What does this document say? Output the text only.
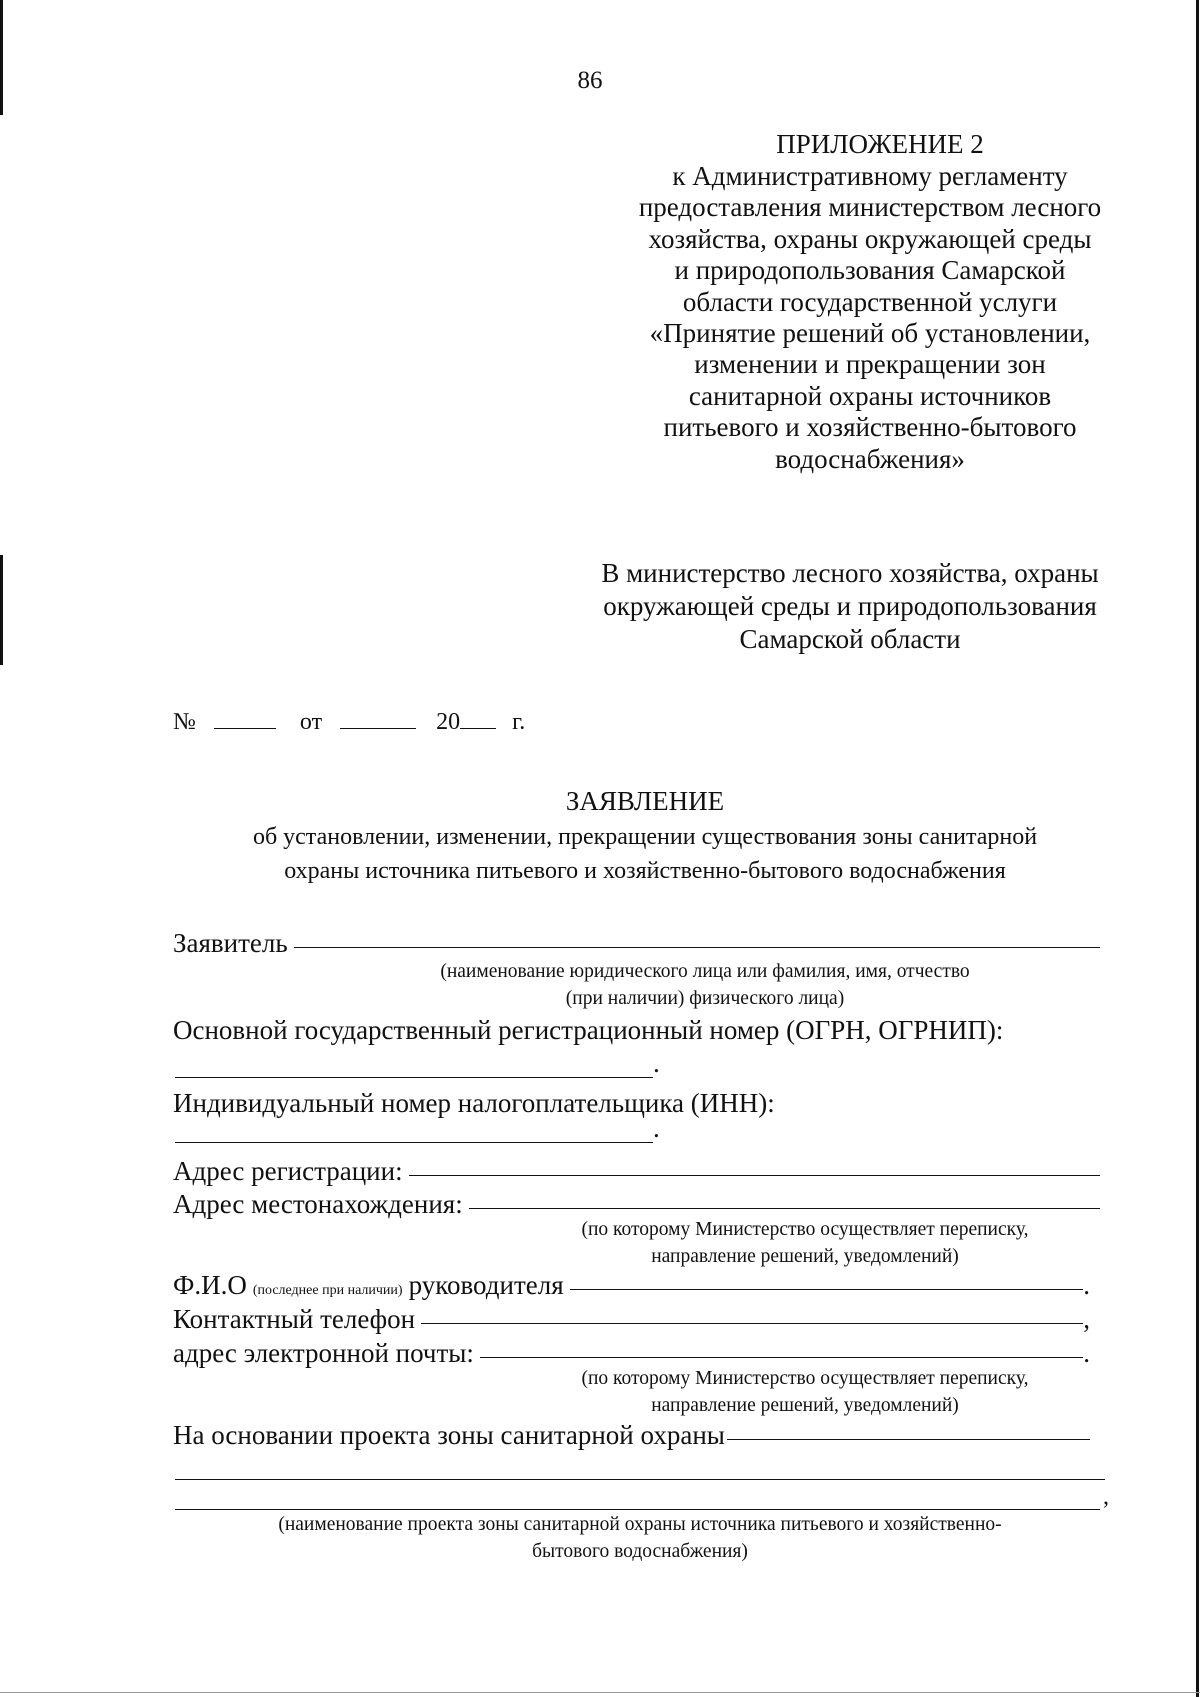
86
ПРИЛОЖЕНИЕ 2
к Административному регламенту
предоставления министерством лесного
хозяйства, охраны окружающей среды
и природопользования Самарской
области государственной услуги
«Принятие решений об установлении,
изменении и прекращении зон
санитарной охраны источников
питьевого и хозяйственно-бытового
водоснабжения»
В министерство лесного хозяйства, охраны
окружающей среды и природопользования
Самарской области
№	от	20 г.
ЗАЯВЛЕНИЕ
об установлении, изменении, прекращении существования зоны санитарной
охраны источника питьевого и хозяйственно-бытового водоснабжения
Заявитель
(наименование юридического лица или фамилия, имя, отчество
(при наличии) физического лица)
Основной государственный регистрационный номер (ОГРН, ОГРНИП):
.
Индивидуальный номер налогоплательщика (ИНН):
.
Адрес регистрации:
Адрес местонахождения:
(по которому Министерство осуществляет переписку,
направление решений, уведомлений)
Ф.И.О (последнее при наличии) руководителя	.
Контактный телефон	,
адрес электронной почты:	.
(по которому Министерство осуществляет переписку,
направление решений, уведомлений)
На основании проекта зоны санитарной охраны
,
(наименование проекта зоны санитарной охраны источника питьевого и хозяйственно-
бытового водоснабжения)
